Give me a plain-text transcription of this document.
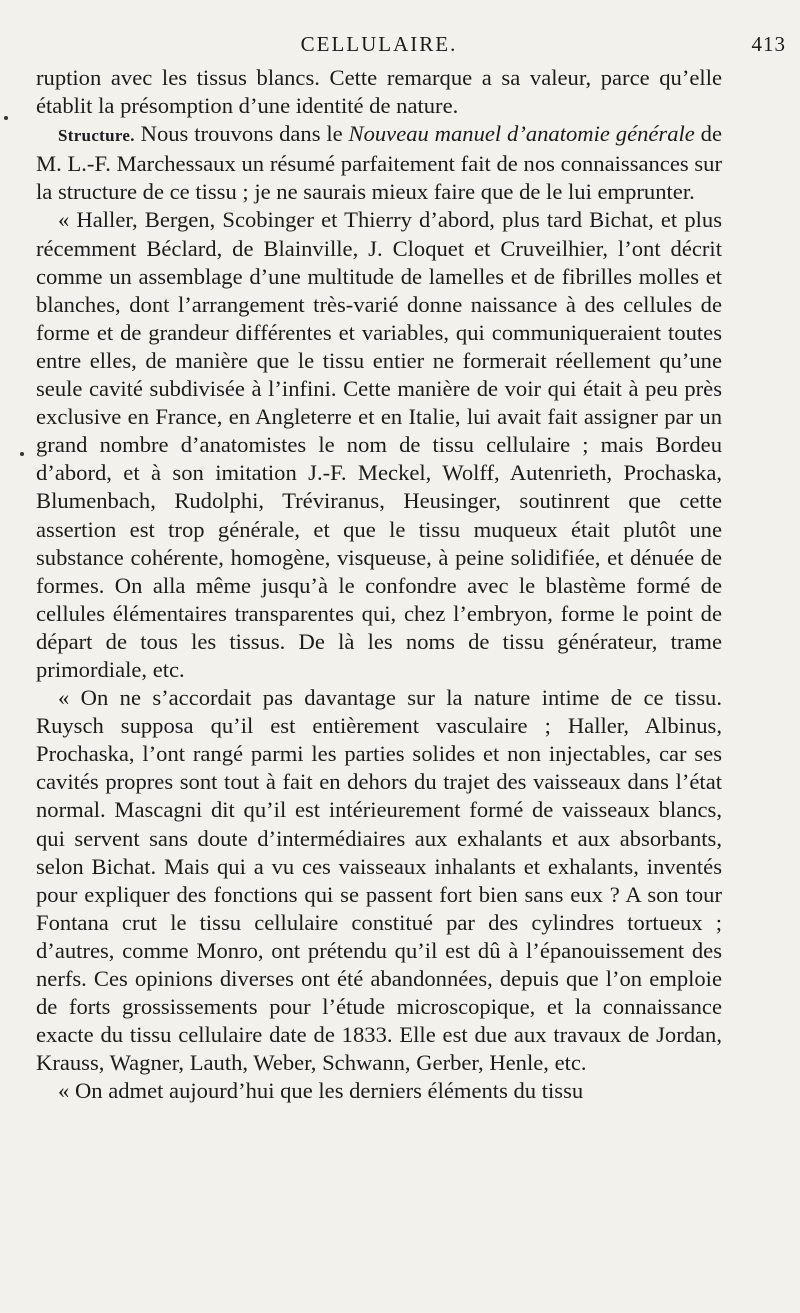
CELLULAIRE.	413

ruption avec les tissus blancs. Cette remarque a sa valeur, parce qu’elle établit la présomption d’une identité de nature.

Structure. Nous trouvons dans le Nouveau manuel d’anatomie générale de M. L.-F. Marchessaux un résumé parfaitement fait de nos connaissances sur la structure de ce tissu ; je ne saurais mieux faire que de le lui emprunter.

« Haller, Bergen, Scobinger et Thierry d’abord, plus tard Bichat, et plus récemment Béclard, de Blainville, J. Cloquet et Cruveilhier, l’ont décrit comme un assemblage d’une multitude de lamelles et de fibrilles molles et blanches, dont l’arrangement très-varié donne naissance à des cellules de forme et de grandeur différentes et variables, qui communiqueraient toutes entre elles, de manière que le tissu entier ne formerait réellement qu’une seule cavité subdivisée à l’infini. Cette manière de voir qui était à peu près exclusive en France, en Angleterre et en Italie, lui avait fait assigner par un grand nombre d’anatomistes le nom de tissu cellulaire ; mais Bordeu d’abord, et à son imitation J.-F. Meckel, Wolff, Autenrieth, Prochaska, Blumenbach, Rudolphi, Tréviranus, Heusinger, soutinrent que cette assertion est trop générale, et que le tissu muqueux était plutôt une substance cohérente, homogène, visqueuse, à peine solidifiée, et dénuée de formes. On alla même jusqu’à le confondre avec le blastème formé de cellules élémentaires transparentes qui, chez l’embryon, forme le point de départ de tous les tissus. De là les noms de tissu générateur, trame primordiale, etc.

« On ne s’accordait pas davantage sur la nature intime de ce tissu. Ruysch supposa qu’il est entièrement vasculaire ; Haller, Albinus, Prochaska, l’ont rangé parmi les parties solides et non injectables, car ses cavités propres sont tout à fait en dehors du trajet des vaisseaux dans l’état normal. Mascagni dit qu’il est intérieurement formé de vaisseaux blancs, qui servent sans doute d’intermédiaires aux exhalants et aux absorbants, selon Bichat. Mais qui a vu ces vaisseaux inhalants et exhalants, inventés pour expliquer des fonctions qui se passent fort bien sans eux ? A son tour Fontana crut le tissu cellulaire constitué par des cylindres tortueux ; d’autres, comme Monro, ont prétendu qu’il est dû à l’épanouissement des nerfs. Ces opinions diverses ont été abandonnées, depuis que l’on emploie de forts grossissements pour l’étude microscopique, et la connaissance exacte du tissu cellulaire date de 1833. Elle est due aux travaux de Jordan, Krauss, Wagner, Lauth, Weber, Schwann, Gerber, Henle, etc.

« On admet aujourd’hui que les derniers éléments du tissu
